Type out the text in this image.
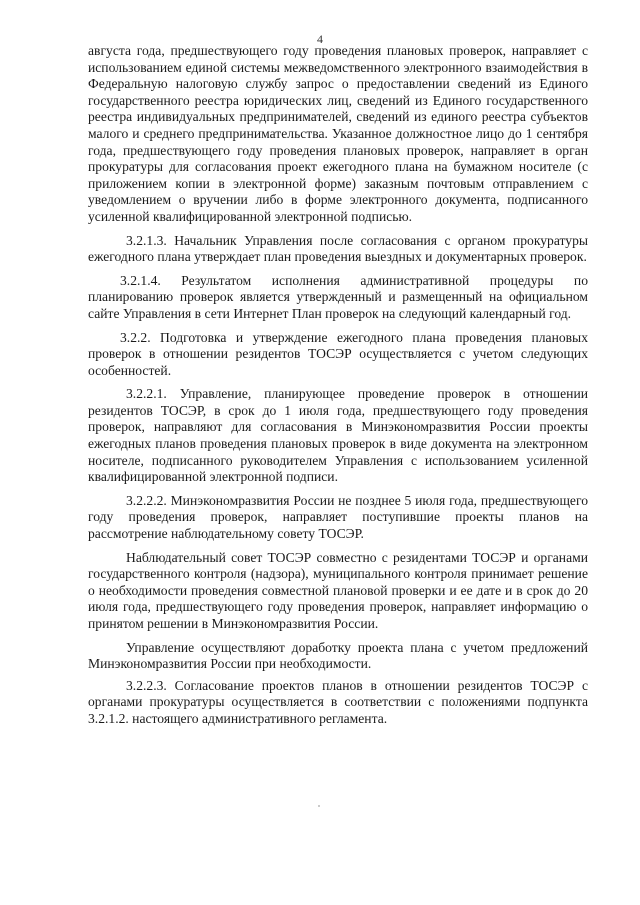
4

августа года, предшествующего году проведения плановых проверок, направляет с использованием единой системы межведомственного электронного взаимодействия в Федеральную налоговую службу запрос о предоставлении сведений из Единого государственного реестра юридических лиц, сведений из Единого государственного реестра индивидуальных предпринимателей, сведений из единого реестра субъектов малого и среднего предпринимательства. Указанное должностное лицо до 1 сентября года, предшествующего году проведения плановых проверок, направляет в орган прокуратуры для согласования проект ежегодного плана на бумажном носителе (с приложением копии в электронной форме) заказным почтовым отправлением с уведомлением о вручении либо в форме электронного документа, подписанного усиленной квалифицированной электронной подписью.

3.2.1.3. Начальник Управления после согласования с органом прокуратуры ежегодного плана утверждает план проведения выездных и документарных проверок.

3.2.1.4. Результатом исполнения административной процедуры по планированию проверок является утвержденный и размещенный на официальном сайте Управления в сети Интернет План проверок на следующий календарный год.

3.2.2. Подготовка и утверждение ежегодного плана проведения плановых проверок в отношении резидентов ТОСЭР осуществляется с учетом следующих особенностей.

3.2.2.1. Управление, планирующее проведение проверок в отношении резидентов ТОСЭР, в срок до 1 июля года, предшествующего году проведения проверок, направляют для согласования в Минэкономразвития России проекты ежегодных планов проведения плановых проверок в виде документа на электронном носителе, подписанного руководителем Управления с использованием усиленной квалифицированной электронной подписи.

3.2.2.2. Минэкономразвития России не позднее 5 июля года, предшествующего году проведения проверок, направляет поступившие проекты планов на рассмотрение наблюдательному совету ТОСЭР.

Наблюдательный совет ТОСЭР совместно с резидентами ТОСЭР и органами государственного контроля (надзора), муниципального контроля принимает решение о необходимости проведения совместной плановой проверки и ее дате и в срок до 20 июля года, предшествующего году проведения проверок, направляет информацию о принятом решении в Минэкономразвития России.

Управление осуществляют доработку проекта плана с учетом предложений Минэкономразвития России при необходимости.

3.2.2.3. Согласование проектов планов в отношении резидентов ТОСЭР с органами прокуратуры осуществляется в соответствии с положениями подпункта 3.2.1.2. настоящего административного регламента.
